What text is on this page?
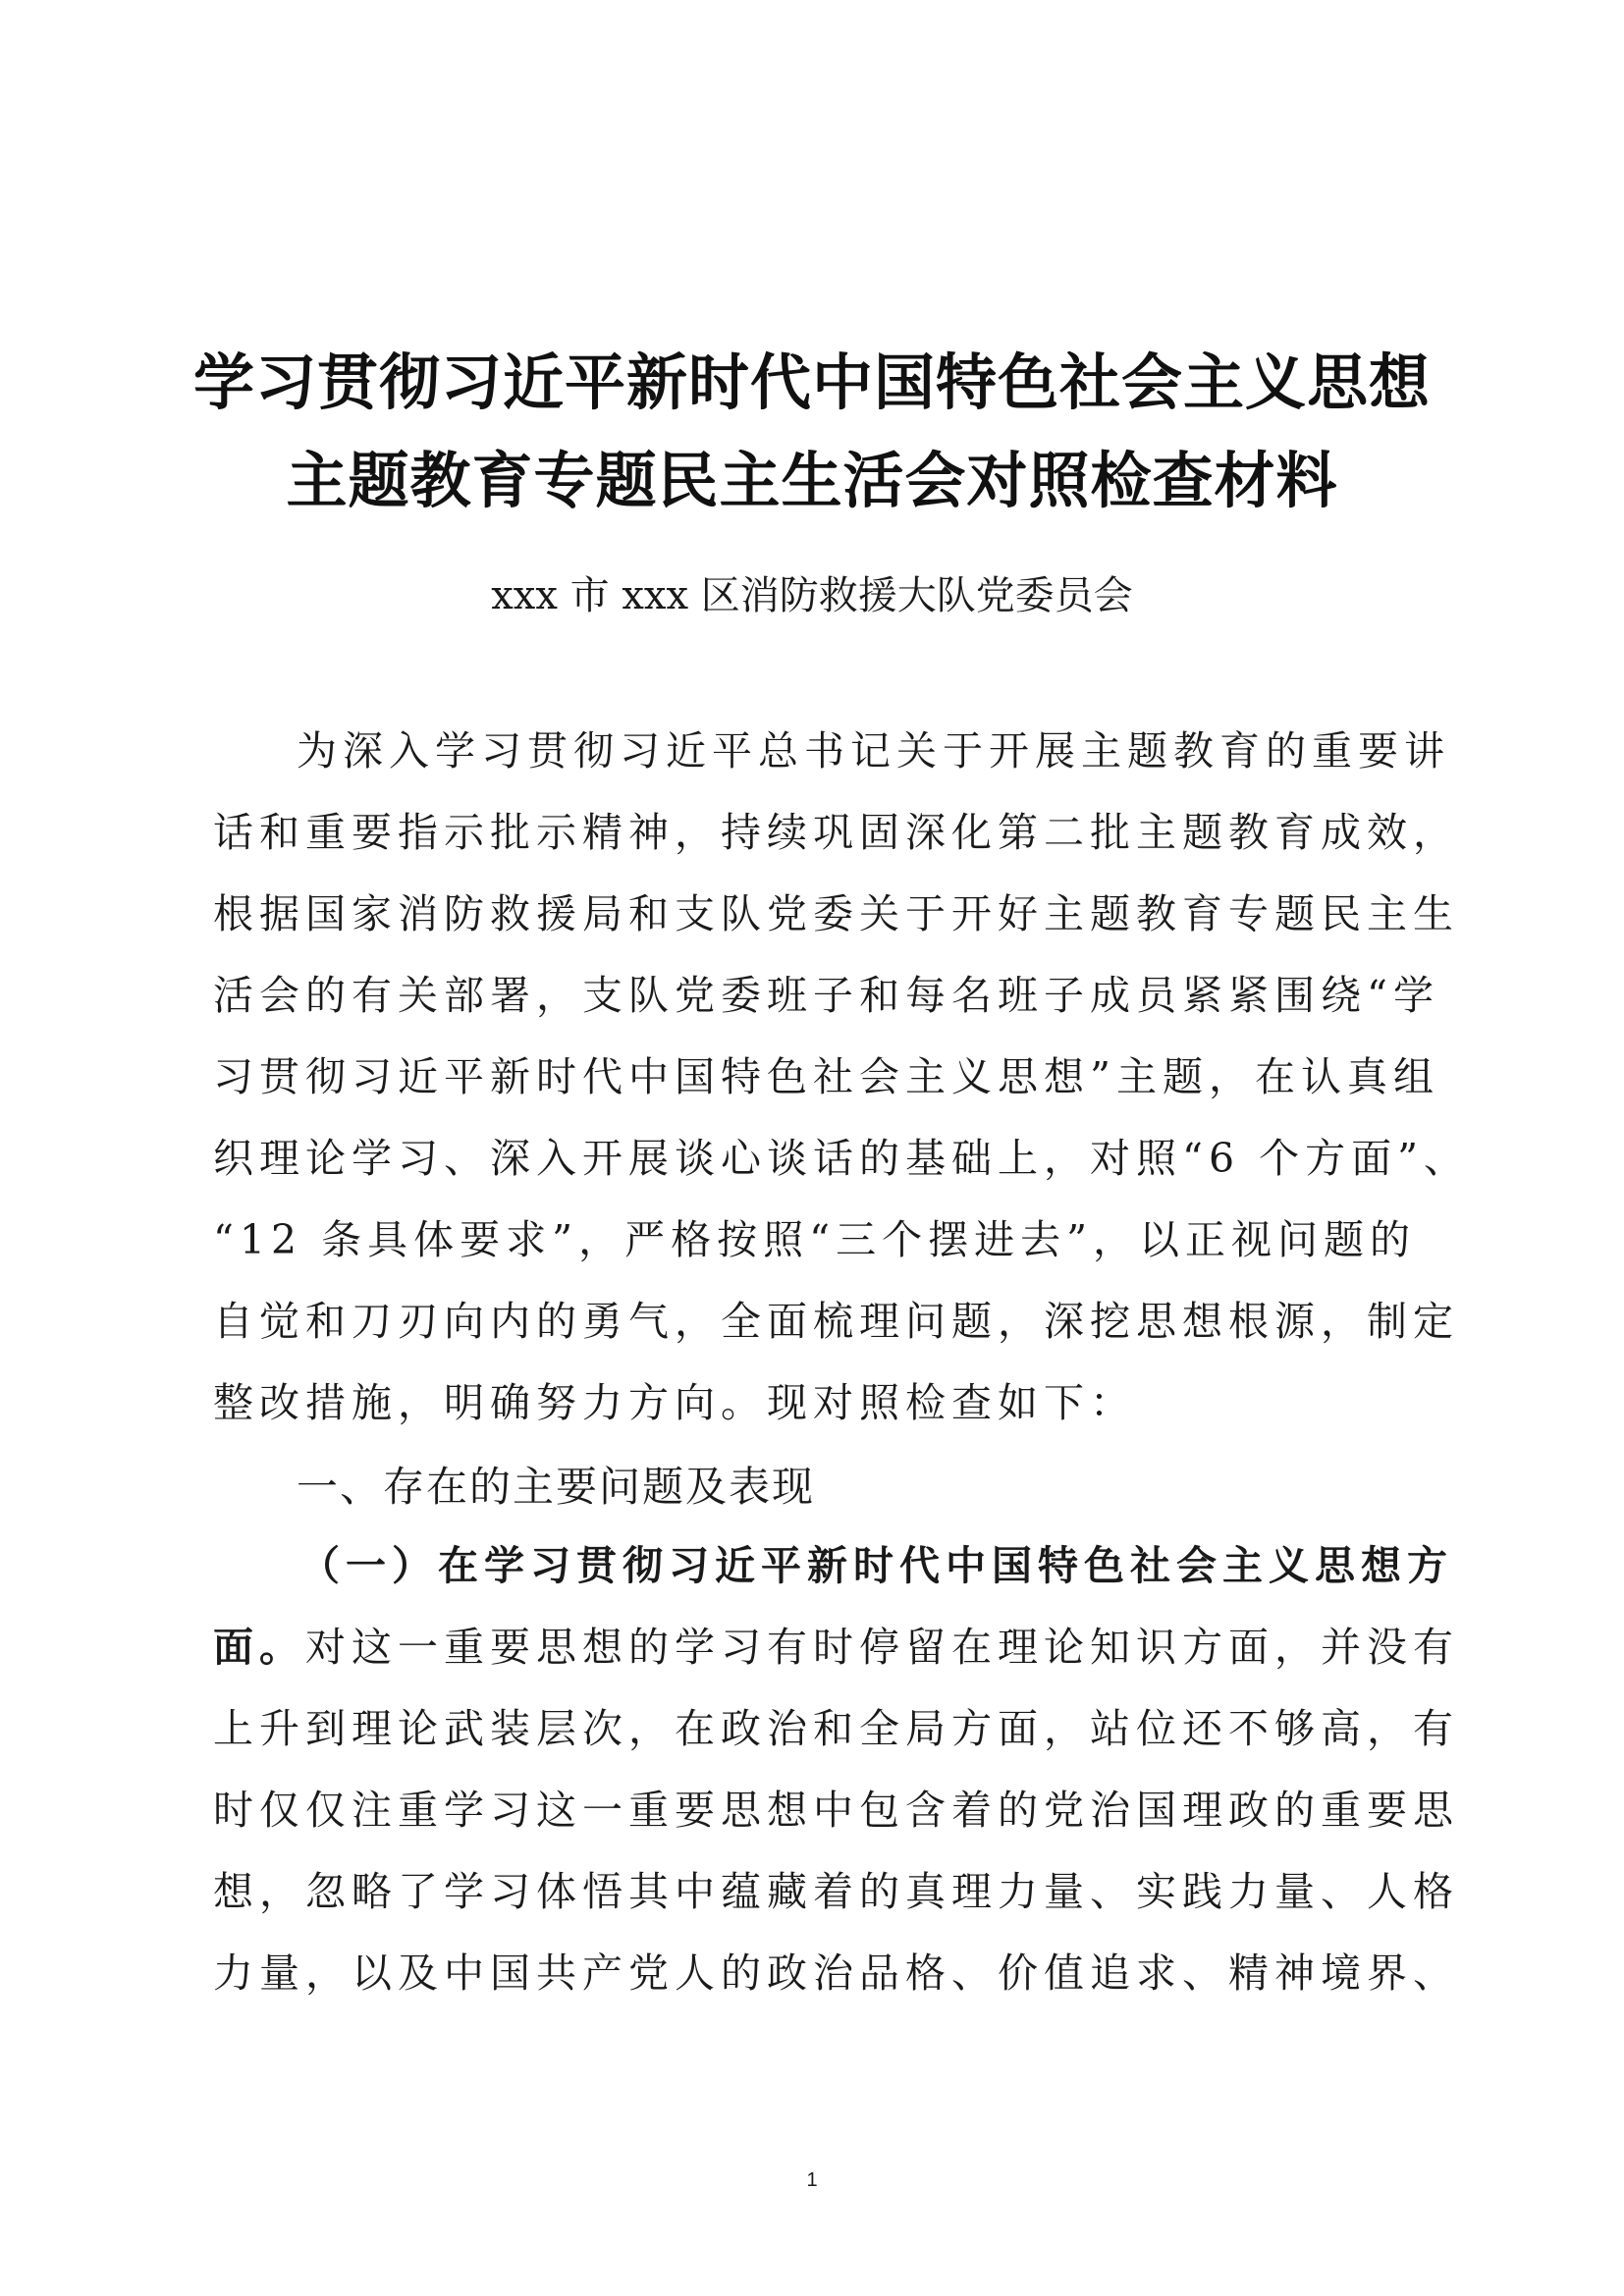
学习贯彻习近平新时代中国特色社会主义思想
主题教育专题民主生活会对照检查材料
xxx 市 xxx 区消防救援大队党委员会
为深入学习贯彻习近平总书记关于开展主题教育的重要讲
话和重要指示批示精神，持续巩固深化第二批主题教育成效，
根据国家消防救援局和支队党委关于开好主题教育专题民主生
活会的有关部署，支队党委班子和每名班子成员紧紧围绕“学
习贯彻习近平新时代中国特色社会主义思想”主题，在认真组
织理论学习、深入开展谈心谈话的基础上，对照“6 个方面”、
“12 条具体要求”，严格按照“三个摆进去”，以正视问题的
自觉和刀刃向内的勇气，全面梳理问题，深挖思想根源，制定
整改措施，明确努力方向。现对照检查如下：
一、存在的主要问题及表现
（一）在学习贯彻习近平新时代中国特色社会主义思想方
面。对这一重要思想的学习有时停留在理论知识方面，并没有
上升到理论武装层次，在政治和全局方面，站位还不够高，有
时仅仅注重学习这一重要思想中包含着的党治国理政的重要思
想，忽略了学习体悟其中蕴藏着的真理力量、实践力量、人格
力量，以及中国共产党人的政治品格、价值追求、精神境界、
1
